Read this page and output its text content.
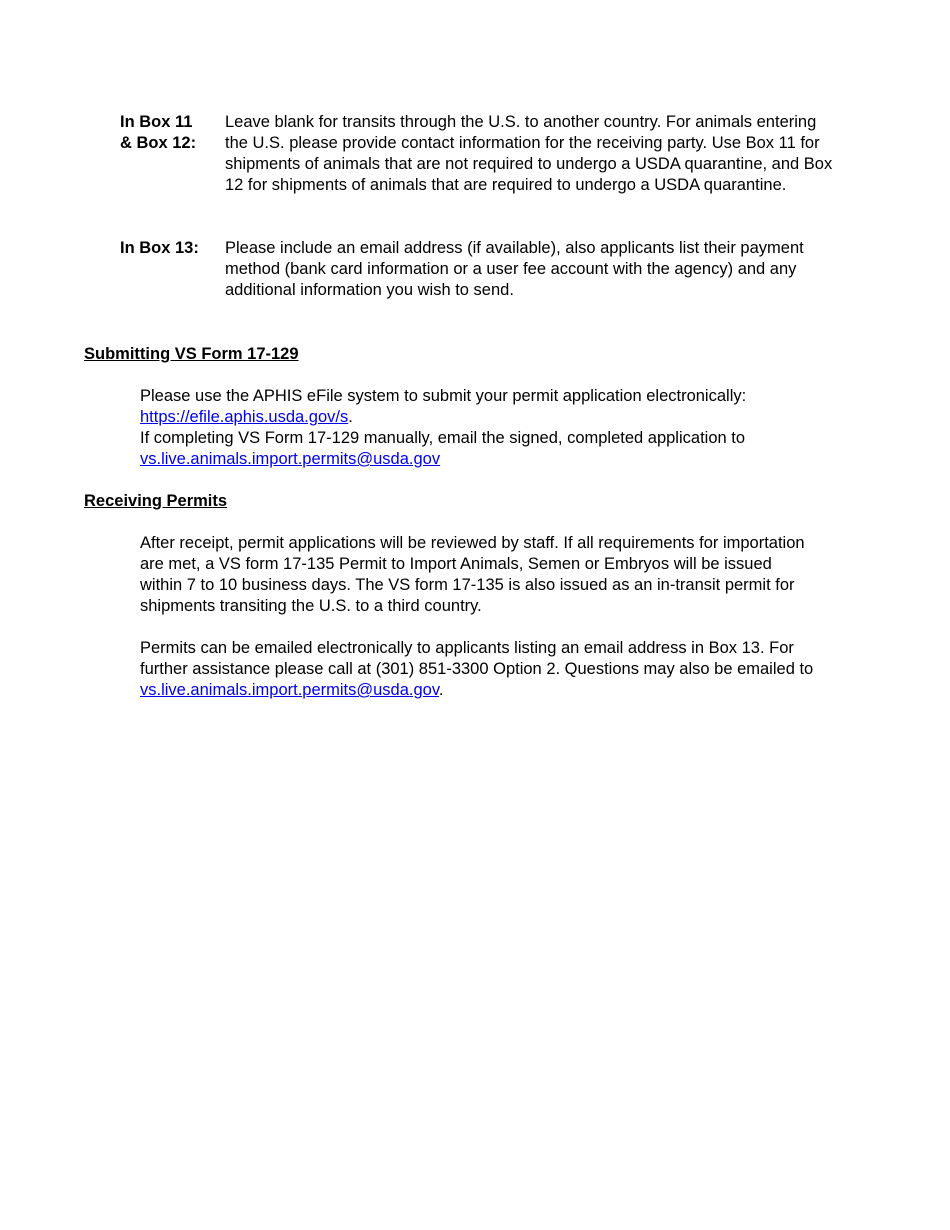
In Box 11
& Box 12:
Leave blank for transits through the U.S. to another country. For animals entering the U.S. please provide contact information for the receiving party. Use Box 11 for shipments of animals that are not required to undergo a USDA quarantine, and Box 12 for shipments of animals that are required to undergo a USDA quarantine.
In Box 13: Please include an email address (if available), also applicants list their payment method (bank card information or a user fee account with the agency) and any additional information you wish to send.
Submitting VS Form 17-129
Please use the APHIS eFile system to submit your permit application electronically:
https://efile.aphis.usda.gov/s.
If completing VS Form 17-129 manually, email the signed, completed application to
vs.live.animals.import.permits@usda.gov
Receiving Permits
After receipt, permit applications will be reviewed by staff. If all requirements for importation
are met, a VS form 17-135 Permit to Import Animals, Semen or Embryos will be issued
within 7 to 10 business days. The VS form 17-135 is also issued as an in-transit permit for
shipments transiting the U.S. to a third country.
Permits can be emailed electronically to applicants listing an email address in Box 13. For
further assistance please call at (301) 851-3300 Option 2. Questions may also be emailed to
vs.live.animals.import.permits@usda.gov.
